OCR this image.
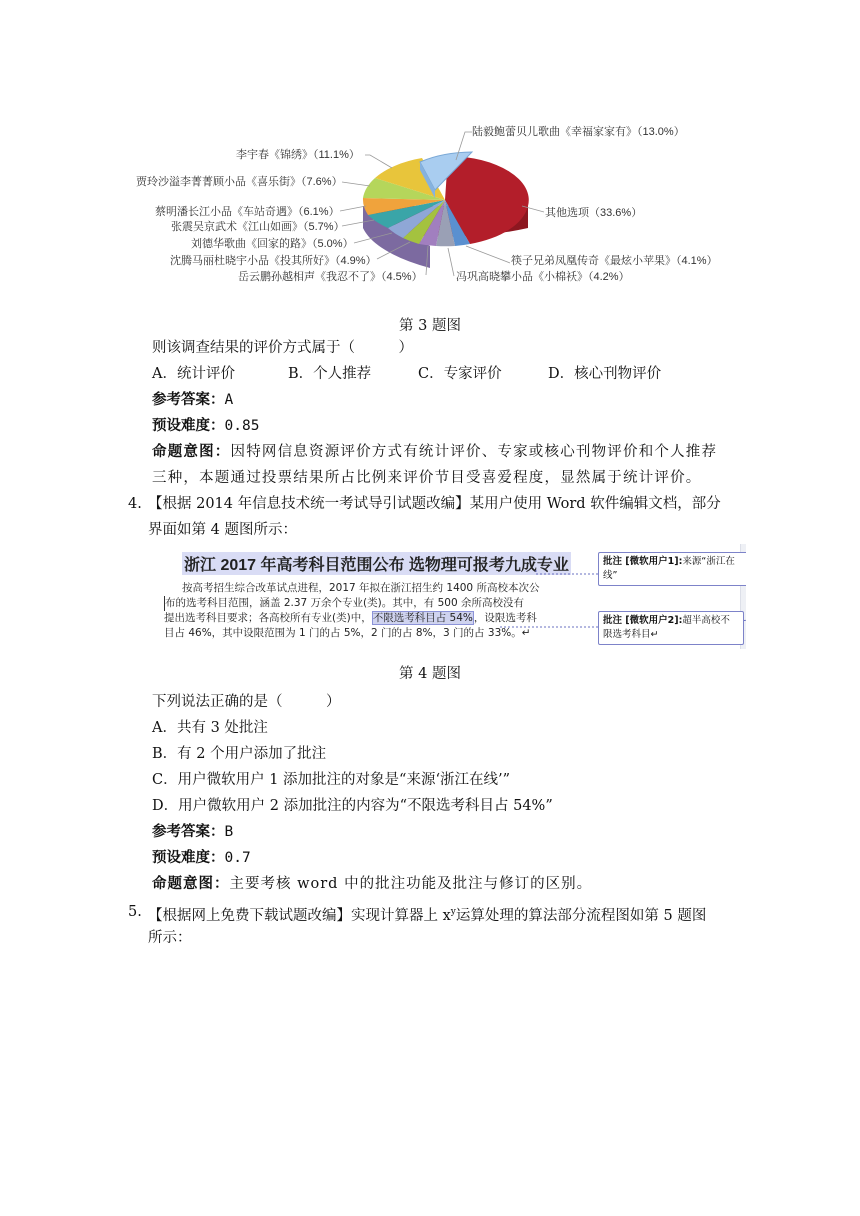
陆毅鲍蕾贝儿歌曲《幸福家家有》（13.0%）
李宇春《锦绣》（11.1%）
贾玲沙溢李菁菁顾小品《喜乐街》（7.6%）
蔡明潘长江小品《车站奇遇》（6.1%）
张震吴京武术《江山如画》（5.7%）
刘德华歌曲《回家的路》（5.0%）
沈腾马丽杜晓宇小品《投其所好》（4.9%）
岳云鹏孙越相声《我忍不了》（4.5%）
其他选项（33.6%）
筷子兄弟凤凰传奇《最炫小苹果》（4.1%）
冯巩高晓攀小品《小棉袄》（4.2%）
第 3 题图
则该调查结果的评价方式属于（　　　）
A．统计评价	B．个人推荐	C．专家评价	D．核心刊物评价
参考答案：A
预设难度：0.85
命题意图：因特网信息资源评价方式有统计评价、专家或核心刊物评价和个人推荐
三种，本题通过投票结果所占比例来评价节目受喜爱程度，显然属于统计评价。
4. 【根据 2014 年信息技术统一考试导引试题改编】某用户使用 Word 软件编辑文档，部分
界面如第 4 题图所示：
浙江 2017 年高考科目范围公布 选物理可报考九成专业
按高考招生综合改革试点进程，2017 年拟在浙江招生约 1400 所高校本次公
布的选考科目范围，涵盖 2.37 万余个专业(类)。其中，有 500 余所高校没有
提出选考科目要求；各高校所有专业(类)中，不限选考科目占 54%，设限选考科
目占 46%，其中设限范围为 1 门的占 5%，2 门的占 8%，3 门的占 33%。↵
批注 [微软用户1]:来源“浙江在线”
批注 [微软用户2]:超半高校不限选考科目↵
第 4 题图
下列说法正确的是（　　　）
A．共有 3 处批注
B．有 2 个用户添加了批注
C．用户微软用户 1 添加批注的对象是“来源‘浙江在线’”
D．用户微软用户 2 添加批注的内容为“不限选考科目占 54%”
参考答案：B
预设难度：0.7
命题意图：主要考核 word 中的批注功能及批注与修订的区别。
5. 【根据网上免费下载试题改编】实现计算器上 $x^y$运算处理的算法部分流程图如第 5 题图
所示：
